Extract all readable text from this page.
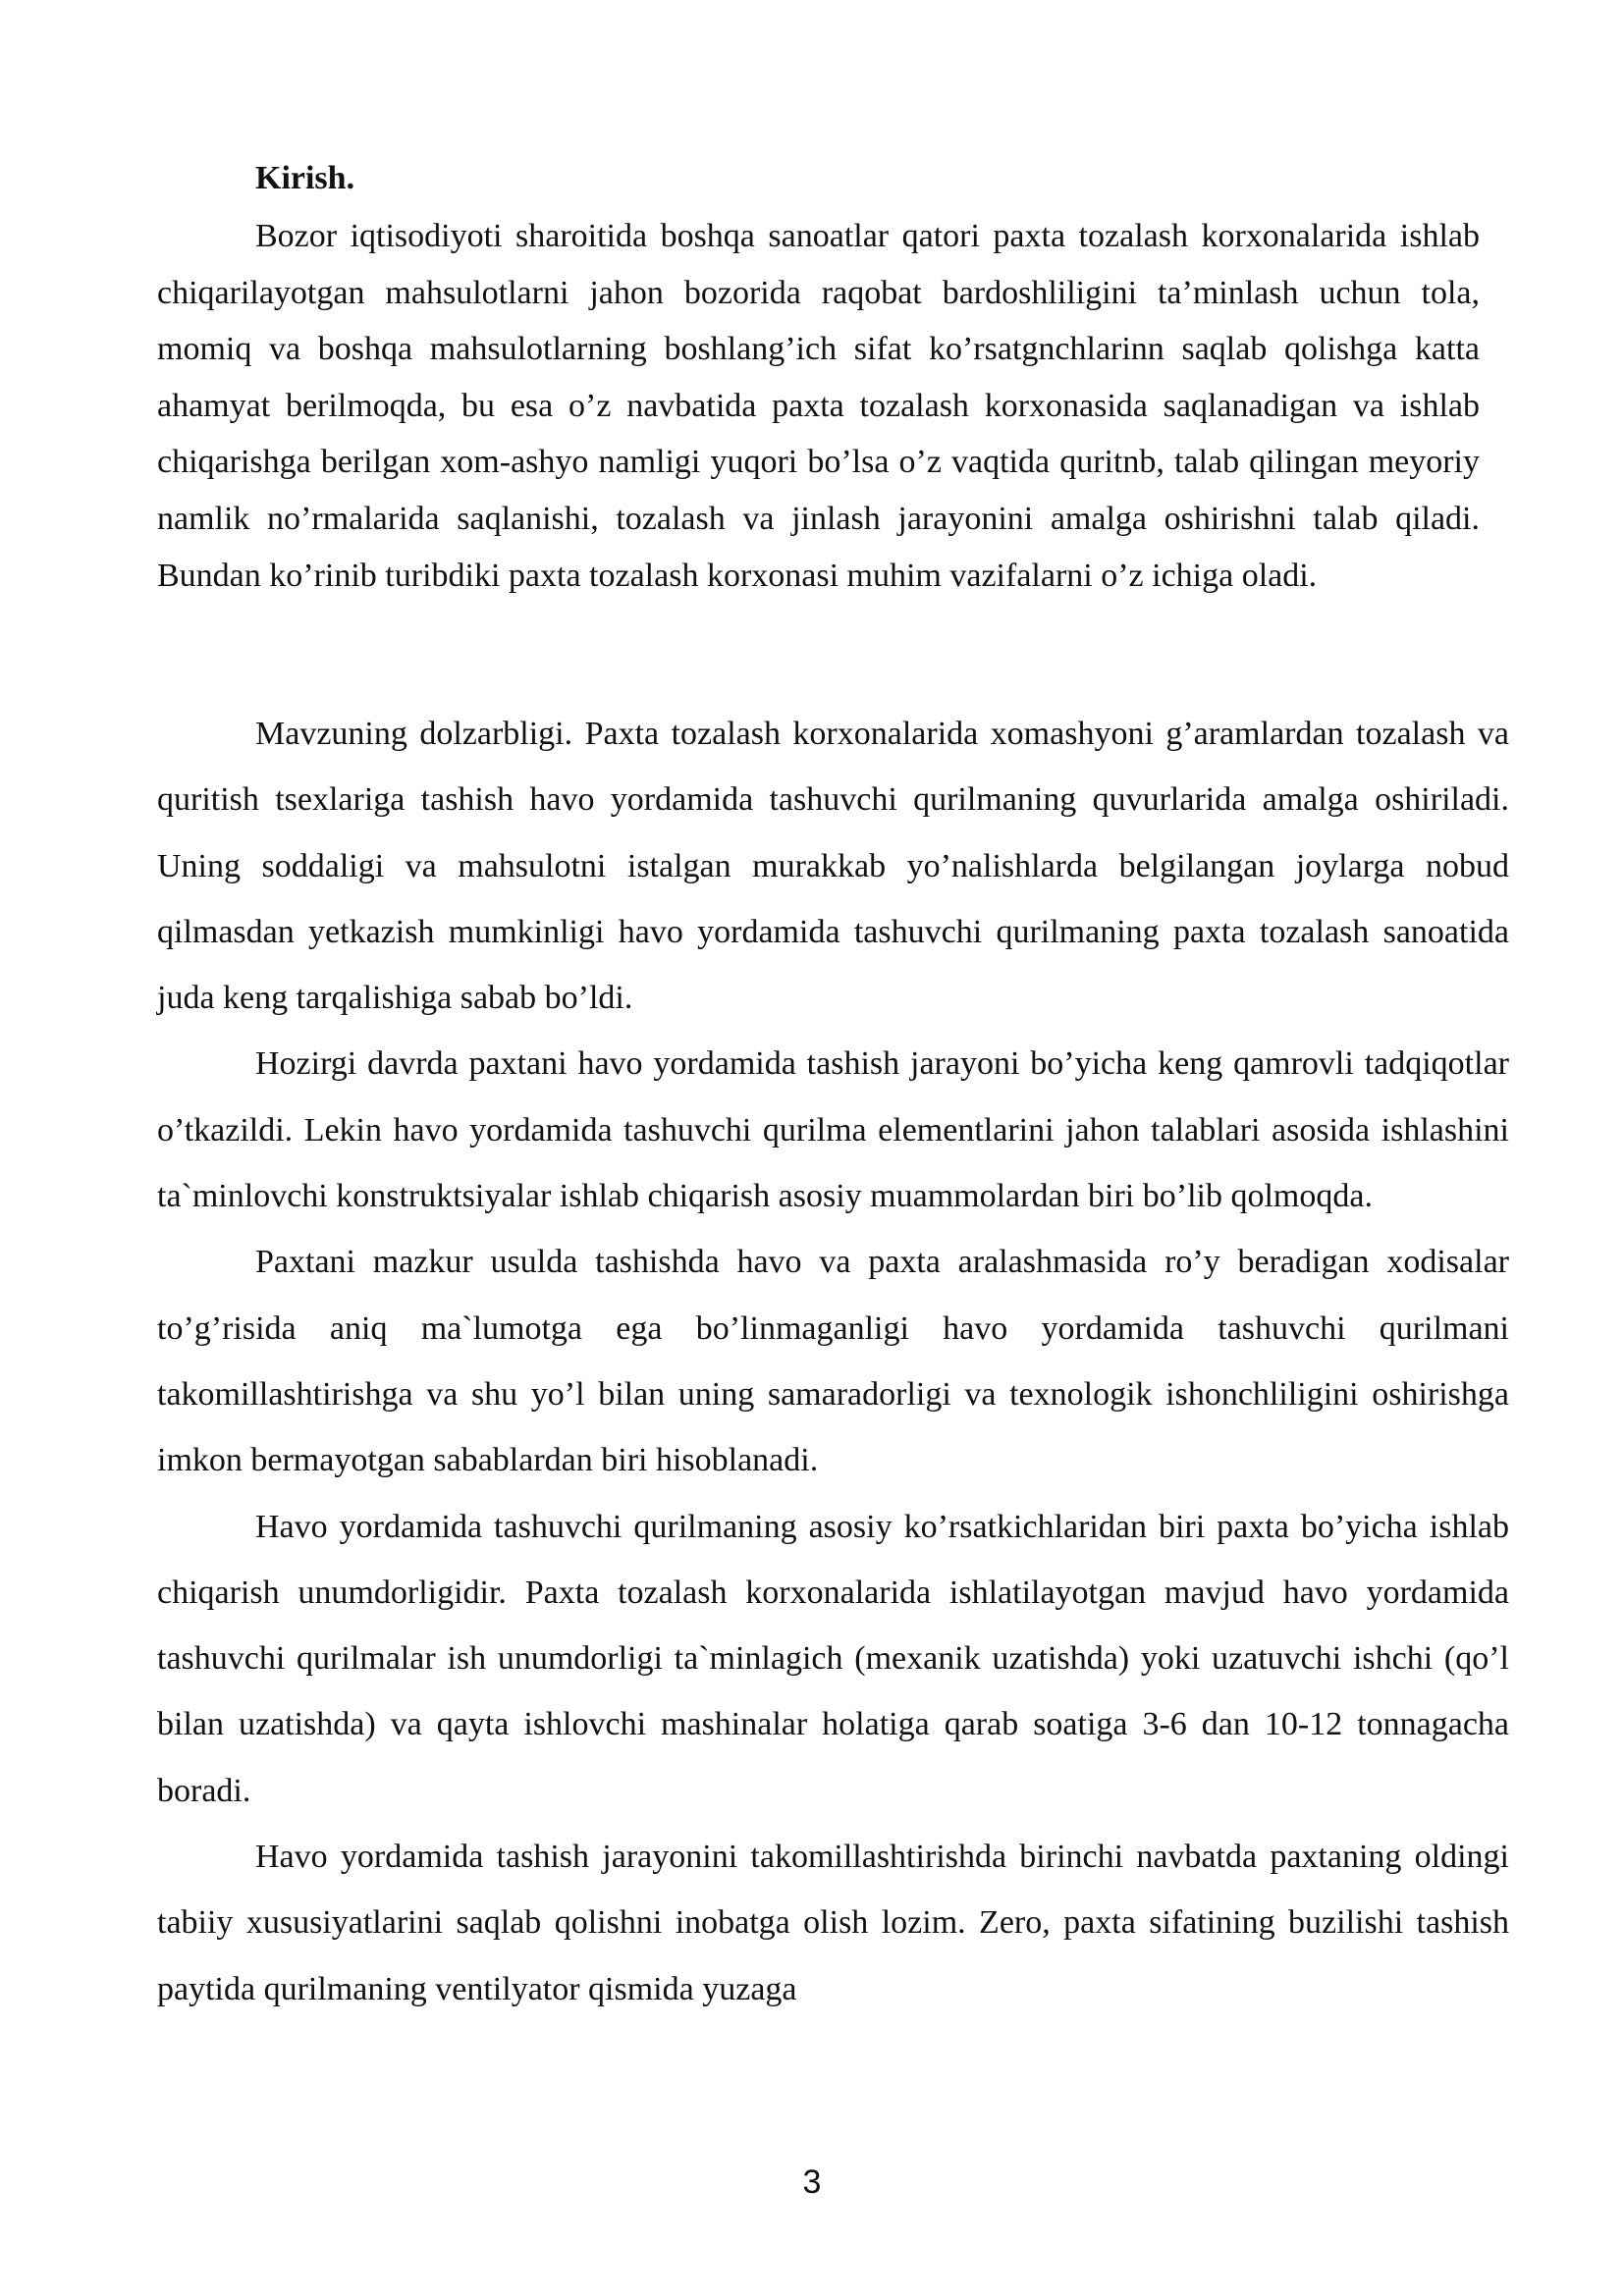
Kirish.

Bozor iqtisodiyoti sharoitida boshqa sanoatlar qatori paxta tozalash korxonalarida ishlab chiqarilayotgan mahsulotlarni jahon bozorida raqobat bardoshliligini taʼminlash uchun tola, momiq va boshqa mahsulotlarning boshlang’ich sifat ko’rsatgnchlarinn saqlab qolishga katta ahamyat berilmoqda, bu esa o’z navbatida paxta tozalash korxonasida saqlanadigan va ishlab chiqarishga berilgan xom-ashyo namligi yuqori bo’lsa o’z vaqtida quritnb, talab qilingan meyoriy namlik no’rmalarida saqlanishi, tozalash va jinlash jarayonini amalga oshirishni talab qiladi. Bundan ko’rinib turibdiki paxta tozalash korxonasi muhim vazifalarni o’z ichiga oladi.

Mavzuning dolzarbligi. Paxta tozalash korxonalarida xomashyoni g’aramlardan tozalash va quritish tsexlariga tashish havo yordamida tashuvchi qurilmaning quvurlarida amalga oshiriladi. Uning soddaligi va mahsulotni istalgan murakkab yo’nalishlarda belgilangan joylarga nobud qilmasdan yetkazish mumkinligi havo yordamida tashuvchi qurilmaning paxta tozalash sanoatida juda keng tarqalishiga sabab bo’ldi.

Hozirgi davrda paxtani havo yordamida tashish jarayoni bo’yicha keng qamrovli tadqiqotlar o’tkazildi. Lekin havo yordamida tashuvchi qurilma elementlarini jahon talablari asosida ishlashini ta`minlovchi konstruktsiyalar ishlab chiqarish asosiy muammolardan biri bo’lib qolmoqda.

Paxtani mazkur usulda tashishda havo va paxta aralashmasida ro’y beradigan xodisalar to’g’risida aniq ma`lumotga ega bo’linmaganligi havo yordamida tashuvchi qurilmani takomillashtirishga va shu yo’l bilan uning samaradorligi va texnologik ishonchliligini oshirishga imkon bermayotgan sabablardan biri hisoblanadi.

Havo yordamida tashuvchi qurilmaning asosiy ko’rsatkichlaridan biri paxta bo’yicha ishlab chiqarish unumdorligidir. Paxta tozalash korxonalarida ishlatilayotgan mavjud havo yordamida tashuvchi qurilmalar ish unumdorligi ta`minlagich (mexanik uzatishda) yoki uzatuvchi ishchi (qo’l bilan uzatishda) va qayta ishlovchi mashinalar holatiga qarab soatiga 3-6 dan 10-12 tonnagacha boradi.

Havo yordamida tashish jarayonini takomillashtirishda birinchi navbatda paxtaning oldingi tabiiy xususiyatlarini saqlab qolishni inobatga olish lozim. Zero, paxta sifatining buzilishi tashish paytida qurilmaning ventilyator qismida yuzaga

3
